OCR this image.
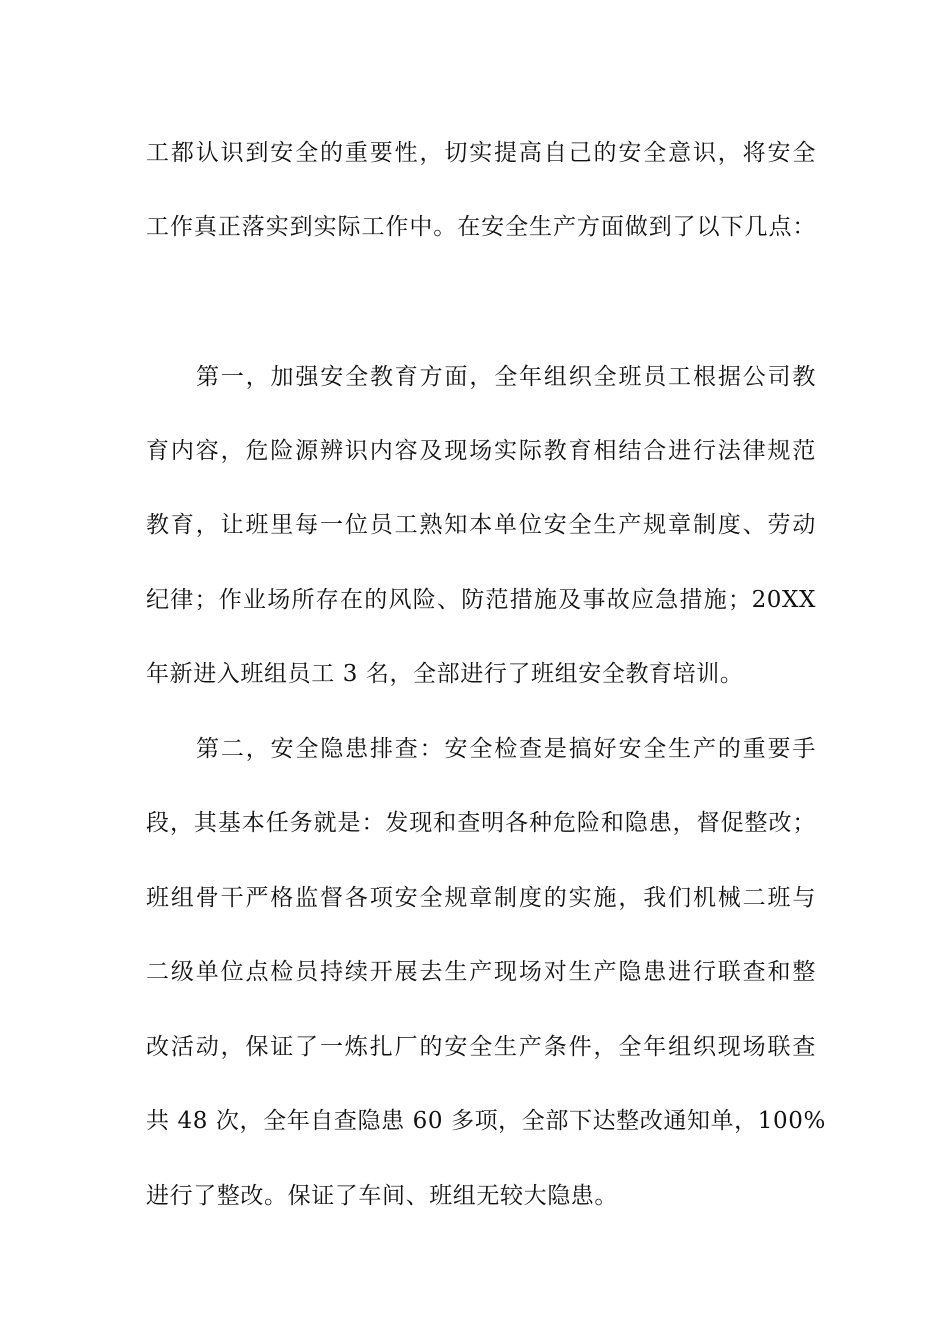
工都认识到安全的重要性，切实提高自己的安全意识，将安全
工作真正落实到实际工作中。在安全生产方面做到了以下几点：
第一，加强安全教育方面，全年组织全班员工根据公司教
育内容，危险源辨识内容及现场实际教育相结合进行法律规范
教育，让班里每一位员工熟知本单位安全生产规章制度、劳动
纪律；作业场所存在的风险、防范措施及事故应急措施；20XX
年新进入班组员工 3 名，全部进行了班组安全教育培训。
第二，安全隐患排查：安全检查是搞好安全生产的重要手
段，其基本任务就是：发现和查明各种危险和隐患，督促整改；
班组骨干严格监督各项安全规章制度的实施，我们机械二班与
二级单位点检员持续开展去生产现场对生产隐患进行联查和整
改活动，保证了一炼扎厂的安全生产条件，全年组织现场联查
共 48 次，全年自查隐患 60 多项，全部下达整改通知单，100%
进行了整改。保证了车间、班组无较大隐患。
